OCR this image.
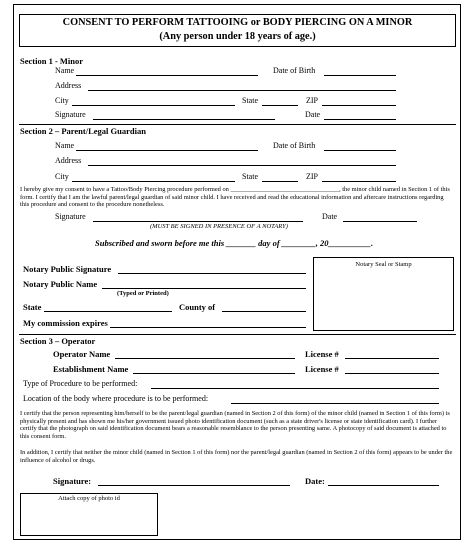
CONSENT TO PERFORM TATTOOING or BODY PIERCING ON A MINOR
(Any person under 18 years of age.)
Section 1 - Minor
Name	Date of Birth
Address
City	State	ZIP
Signature	Date
Section 2 – Parent/Legal Guardian
Name	Date of Birth
Address
City	State	ZIP
I hereby give my consent to have a Tattoo/Body Piercing procedure performed on __________________________________, the minor child named in Section 1 of this form. I certify that I am the lawful parent/legal guardian of said minor child. I have received and read the educational information and aftercare instructions regarding this procedure and consent to the procedure nonetheless.
Signature	Date
(MUST BE SIGNED IN PRESENCE OF A NOTARY)
Subscribed and sworn before me this _______ day of ________, 20__________.
Notary Seal or Stamp
Notary Public Signature
Notary Public Name
(Typed or Printed)
State	County of
My commission expires
Section 3 – Operator
Operator Name	License #
Establishment Name	License #
Type of Procedure to be performed:
Location of the body where procedure is to be performed:
I certify that the person representing him/herself to be the parent/legal guardian (named in Section 2 of this form) of the minor child (named in Section 1 of this form) is physically present and has shown me his/her government issued photo identification document (such as a state driver's license or state identification card). I further certify that the photograph on said identification document bears a reasonable resemblance to the person presenting same. A photocopy of said document is attached to this consent form.
In addition, I certify that neither the minor child (named in Section 1 of this form) nor the parent/legal guardian (named in Section 2 of this form) appears to be under the influence of alcohol or drugs.
Signature:	Date:
Attach copy of photo id
